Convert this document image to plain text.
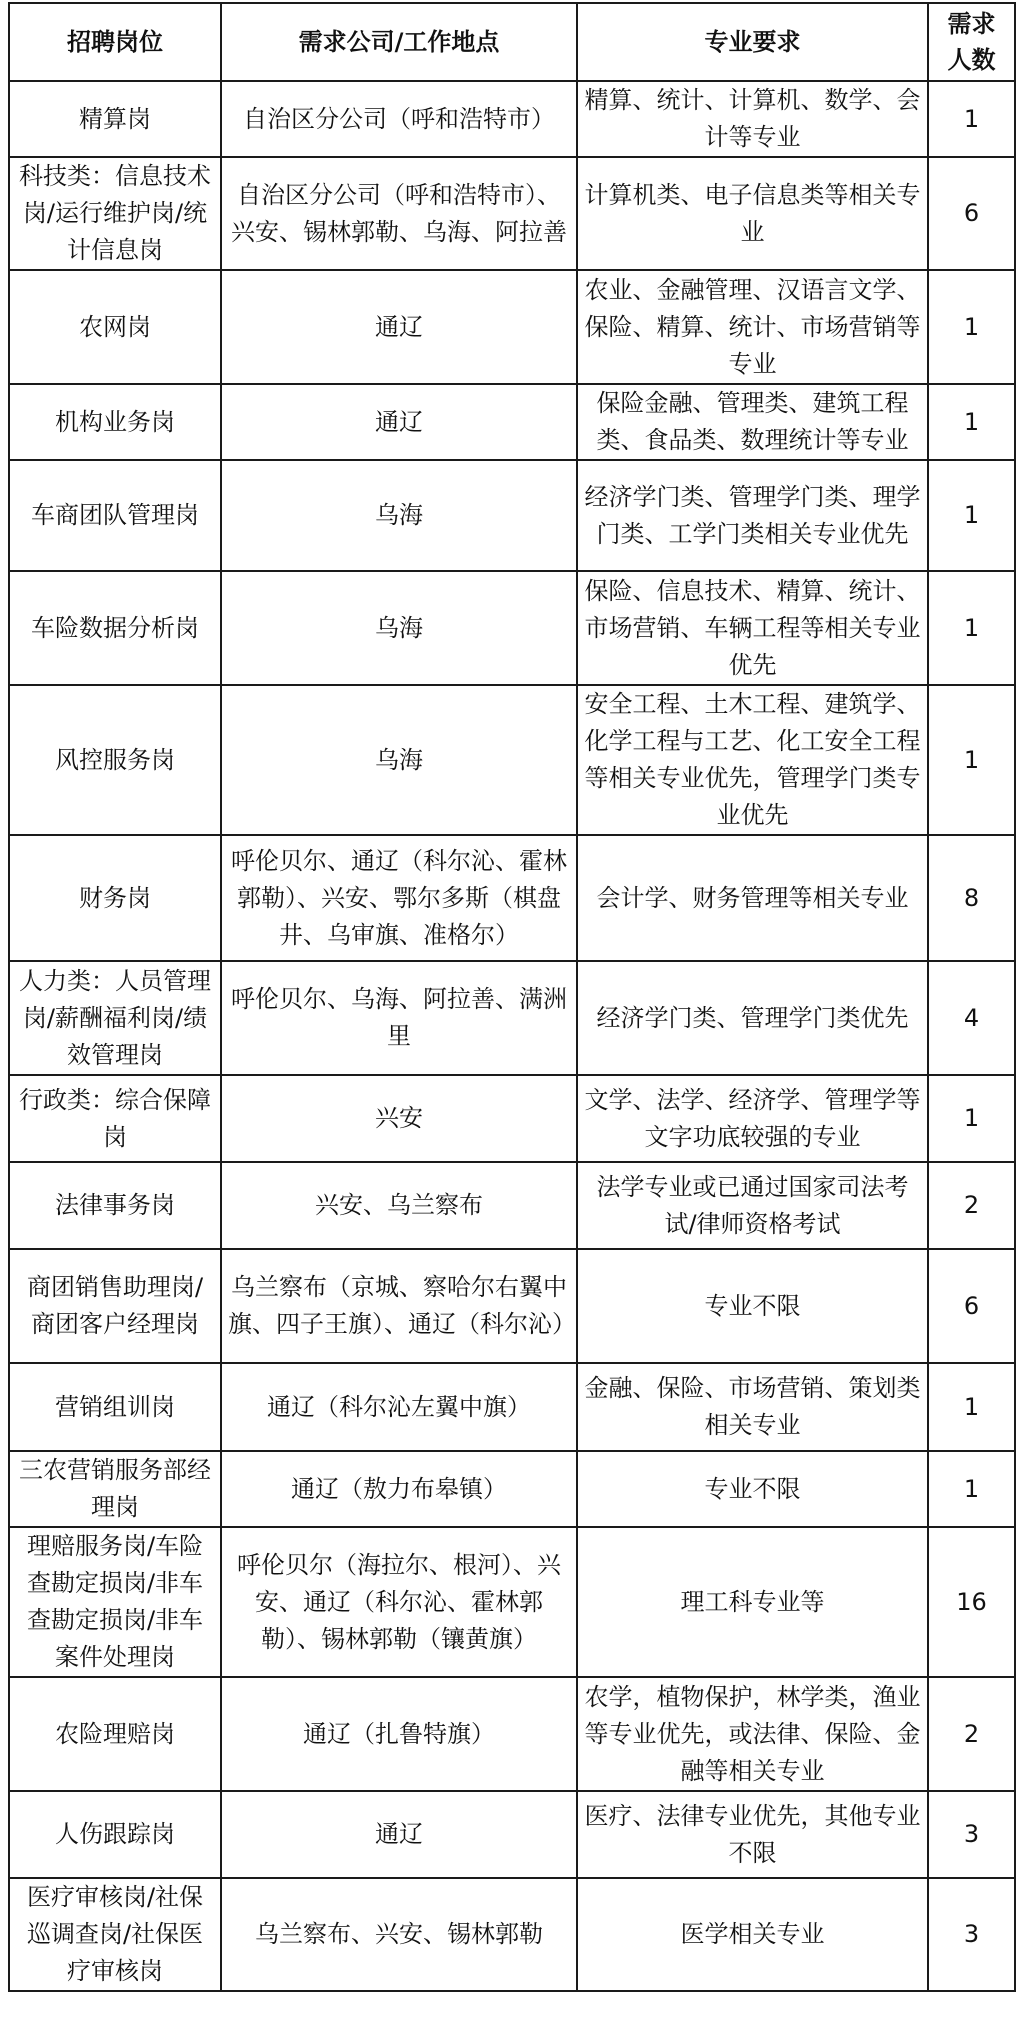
招聘岗位	需求公司/工作地点	专业要求	需求人数
精算岗	自治区分公司（呼和浩特市）	精算、统计、计算机、数学、会计等专业	1
科技类：信息技术岗/运行维护岗/统计信息岗	自治区分公司（呼和浩特市）、兴安、锡林郭勒、乌海、阿拉善	计算机类、电子信息类等相关专业	6
农网岗	通辽	农业、金融管理、汉语言文学、保险、精算、统计、市场营销等专业	1
机构业务岗	通辽	保险金融、管理类、建筑工程类、食品类、数理统计等专业	1
车商团队管理岗	乌海	经济学门类、管理学门类、理学门类、工学门类相关专业优先	1
车险数据分析岗	乌海	保险、信息技术、精算、统计、市场营销、车辆工程等相关专业优先	1
风控服务岗	乌海	安全工程、土木工程、建筑学、化学工程与工艺、化工安全工程等相关专业优先，管理学门类专业优先	1
财务岗	呼伦贝尔、通辽（科尔沁、霍林郭勒）、兴安、鄂尔多斯（棋盘井、乌审旗、准格尔）	会计学、财务管理等相关专业	8
人力类：人员管理岗/薪酬福利岗/绩效管理岗	呼伦贝尔、乌海、阿拉善、满洲里	经济学门类、管理学门类优先	4
行政类：综合保障岗	兴安	文学、法学、经济学、管理学等文字功底较强的专业	1
法律事务岗	兴安、乌兰察布	法学专业或已通过国家司法考试/律师资格考试	2
商团销售助理岗/商团客户经理岗	乌兰察布（京城、察哈尔右翼中旗、四子王旗）、通辽（科尔沁）	专业不限	6
营销组训岗	通辽（科尔沁左翼中旗）	金融、保险、市场营销、策划类相关专业	1
三农营销服务部经理岗	通辽（敖力布皋镇）	专业不限	1
理赔服务岗/车险查勘定损岗/非车查勘定损岗/非车案件处理岗	呼伦贝尔（海拉尔、根河）、兴安、通辽（科尔沁、霍林郭勒）、锡林郭勒（镶黄旗）	理工科专业等	16
农险理赔岗	通辽（扎鲁特旗）	农学，植物保护，林学类，渔业等专业优先，或法律、保险、金融等相关专业	2
人伤跟踪岗	通辽	医疗、法律专业优先，其他专业不限	3
医疗审核岗/社保巡调查岗/社保医疗审核岗	乌兰察布、兴安、锡林郭勒	医学相关专业	3
